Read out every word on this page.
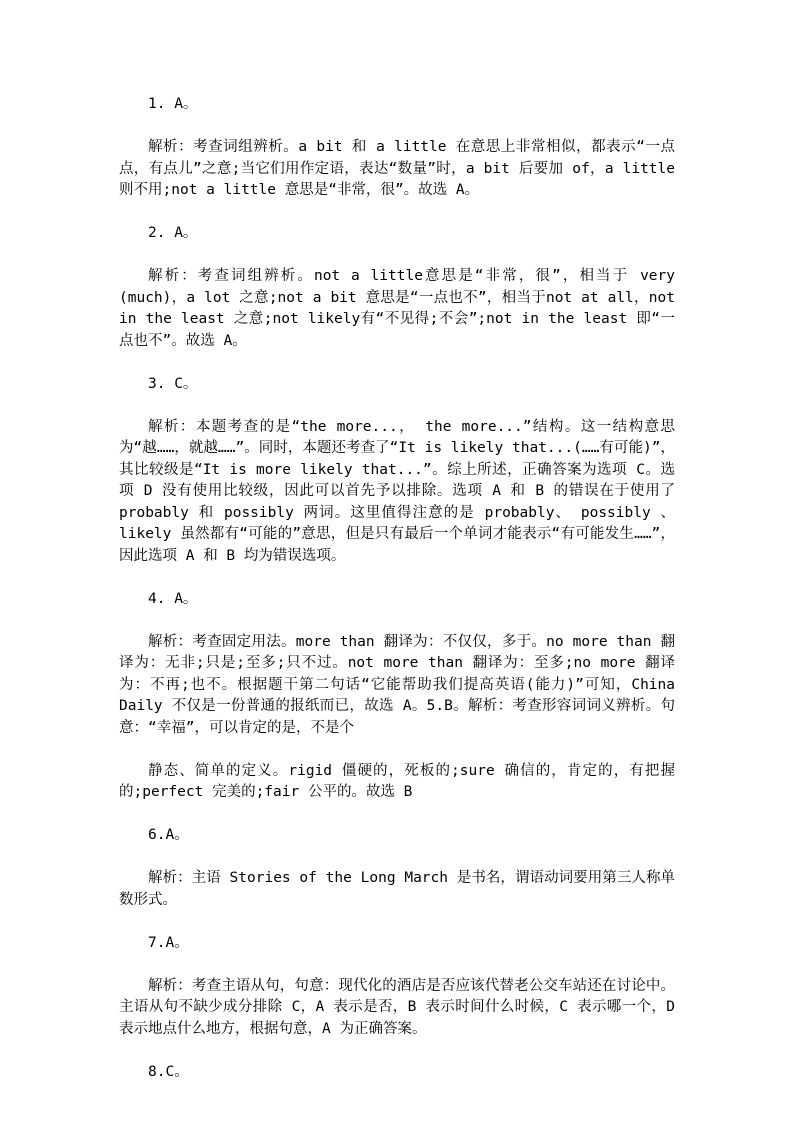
1. A。

解析：考查词组辨析。a bit 和 a little 在意思上非常相似，都表示“一点点，有点儿”之意;当它们用作定语，表达“数量”时，a bit 后要加 of，a little 则不用;not a little 意思是“非常，很”。故选 A。

2. A。

解析：考查词组辨析。not a little意思是“非常，很”，相当于 very (much)，a lot 之意;not a bit 意思是“一点也不”，相当于not at all，not in the least 之意;not likely有“不见得;不会”;not in the least 即“一点也不”。故选 A。

3. C。

解析：本题考查的是“the more...， the more...”结构。这一结构意思为“越……，就越……”。同时，本题还考查了“It is likely that...(……有可能)”，其比较级是“It is more likely that...”。综上所述，正确答案为选项 C。选项 D 没有使用比较级，因此可以首先予以排除。选项 A 和 B 的错误在于使用了 probably 和 possibly 两词。这里值得注意的是 probably、 possibly 、likely 虽然都有“可能的”意思，但是只有最后一个单词才能表示“有可能发生……”，因此选项 A 和 B 均为错误选项。

4. A。

解析：考查固定用法。more than 翻译为：不仅仅，多于。no more than 翻译为：无非;只是;至多;只不过。not more than 翻译为：至多;no more 翻译为：不再;也不。根据题干第二句话“它能帮助我们提高英语(能力)”可知，China Daily 不仅是一份普通的报纸而已，故选 A。5.B。解析：考查形容词词义辨析。句意：“幸福”，可以肯定的是，不是个

静态、简单的定义。rigid 僵硬的，死板的;sure 确信的，肯定的，有把握的;perfect 完美的;fair 公平的。故选 B

6.A。

解析：主语 Stories of the Long March 是书名，谓语动词要用第三人称单数形式。

7.A。

解析：考查主语从句，句意：现代化的酒店是否应该代替老公交车站还在讨论中。主语从句不缺少成分排除 C，A 表示是否，B 表示时间什么时候，C 表示哪一个，D 表示地点什么地方，根据句意，A 为正确答案。

8.C。
